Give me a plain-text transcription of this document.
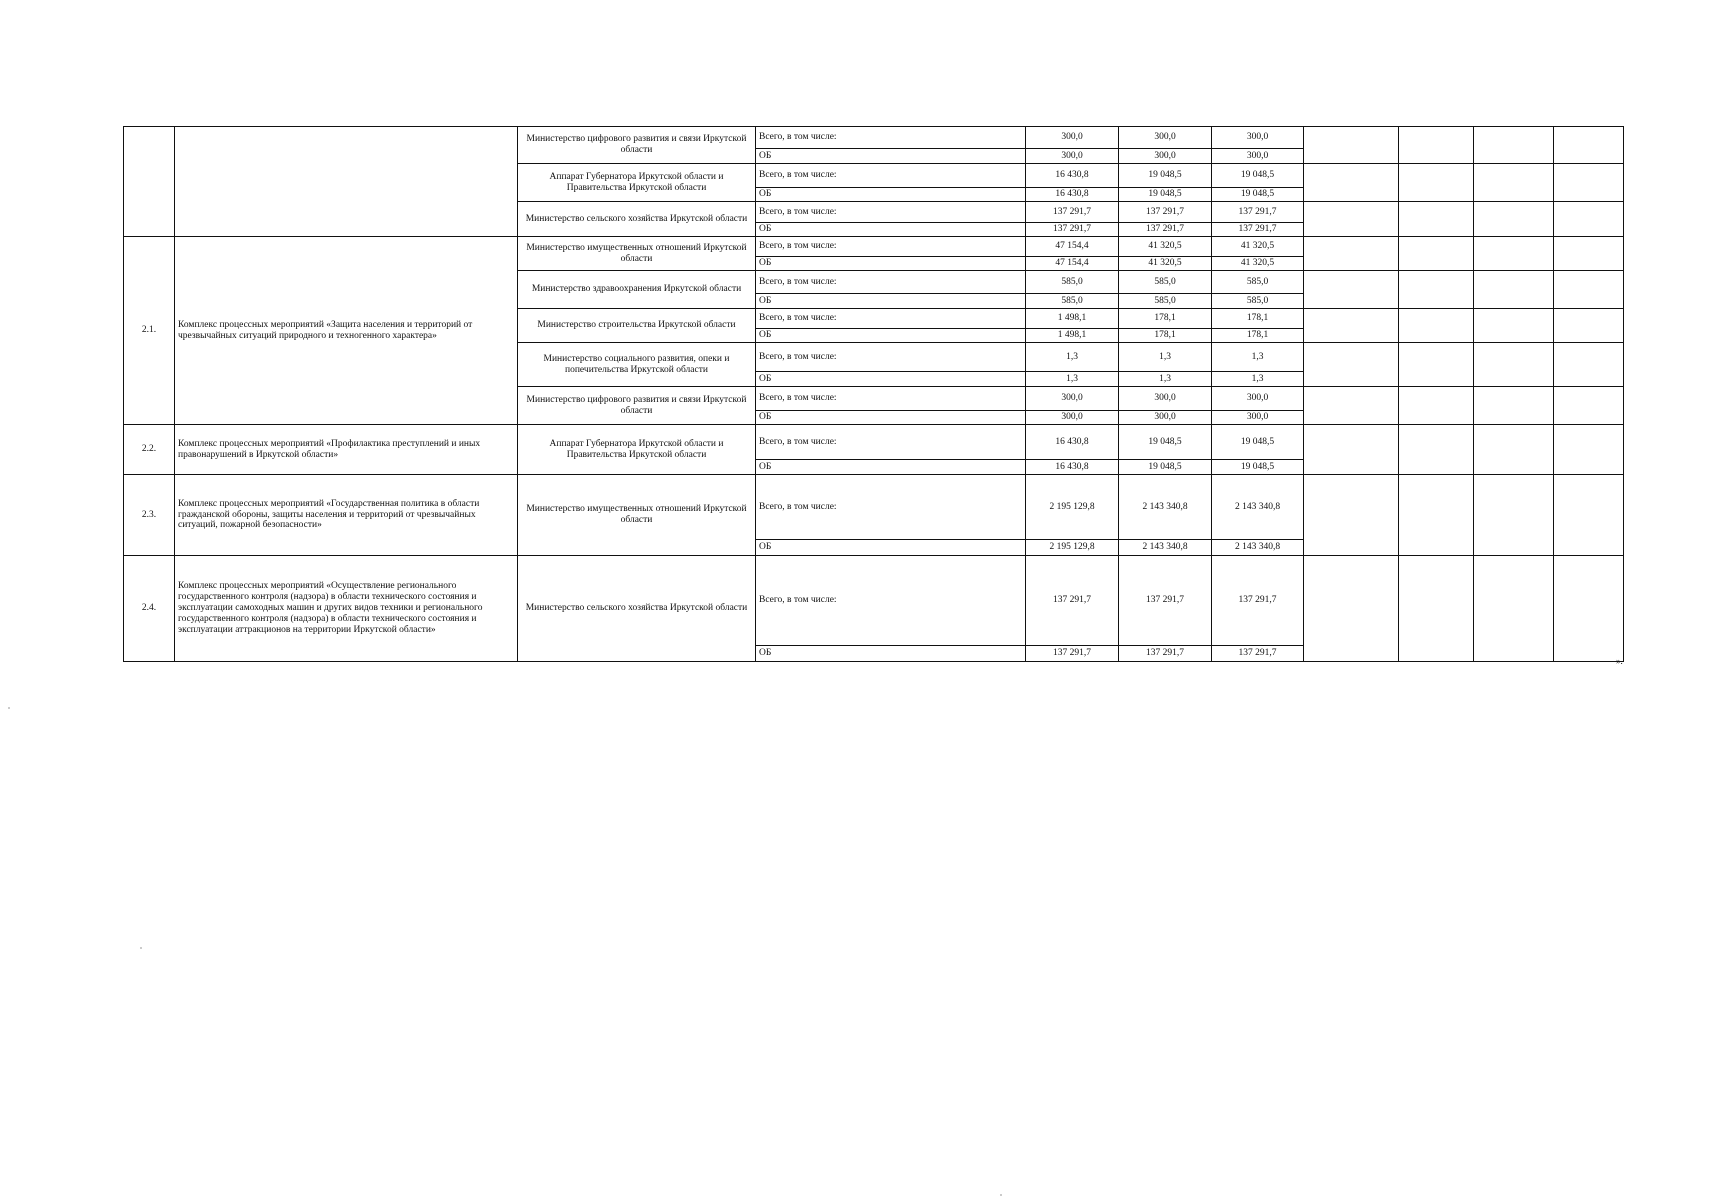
		Министерство цифрового развития и связи Иркутской области	Всего, в том числе:	300,0	300,0	300,0				
			ОБ	300,0	300,0	300,0				
		Аппарат Губернатора Иркутской области и Правительства Иркутской области	Всего, в том числе:	16 430,8	19 048,5	19 048,5				
			ОБ	16 430,8	19 048,5	19 048,5				
		Министерство сельского хозяйства Иркутской области	Всего, в том числе:	137 291,7	137 291,7	137 291,7				
			ОБ	137 291,7	137 291,7	137 291,7				
2.1.	Комплекс процессных мероприятий «Защита населения и территорий от чрезвычайных ситуаций природного и техногенного характера»	Министерство имущественных отношений Иркутской области	Всего, в том числе:	47 154,4	41 320,5	41 320,5				
			ОБ	47 154,4	41 320,5	41 320,5				
		Министерство здравоохранения Иркутской области	Всего, в том числе:	585,0	585,0	585,0				
			ОБ	585,0	585,0	585,0				
		Министерство строительства Иркутской области	Всего, в том числе:	1 498,1	178,1	178,1				
			ОБ	1 498,1	178,1	178,1				
		Министерство социального развития, опеки и попечительства Иркутской области	Всего, в том числе:	1,3	1,3	1,3				
			ОБ	1,3	1,3	1,3				
		Министерство цифрового развития и связи Иркутской области	Всего, в том числе:	300,0	300,0	300,0				
			ОБ	300,0	300,0	300,0				
2.2.	Комплекс процессных мероприятий «Профилактика преступлений и иных правонарушений в Иркутской области»	Аппарат Губернатора Иркутской области и Правительства Иркутской области	Всего, в том числе:	16 430,8	19 048,5	19 048,5				
			ОБ	16 430,8	19 048,5	19 048,5				
2.3.	Комплекс процессных мероприятий «Государственная политика в области гражданской обороны, защиты населения и территорий от чрезвычайных ситуаций, пожарной безопасности»	Министерство имущественных отношений Иркутской области	Всего, в том числе:	2 195 129,8	2 143 340,8	2 143 340,8				
			ОБ	2 195 129,8	2 143 340,8	2 143 340,8				
2.4.	Комплекс процессных мероприятий «Осуществление регионального государственного контроля (надзора) в области технического состояния и эксплуатации самоходных машин и других видов техники и регионального государственного контроля (надзора) в области технического состояния и эксплуатации аттракционов на территории Иркутской области»	Министерство сельского хозяйства Иркутской области	Всего, в том числе:	137 291,7	137 291,7	137 291,7				
			ОБ	137 291,7	137 291,7	137 291,7				
».
